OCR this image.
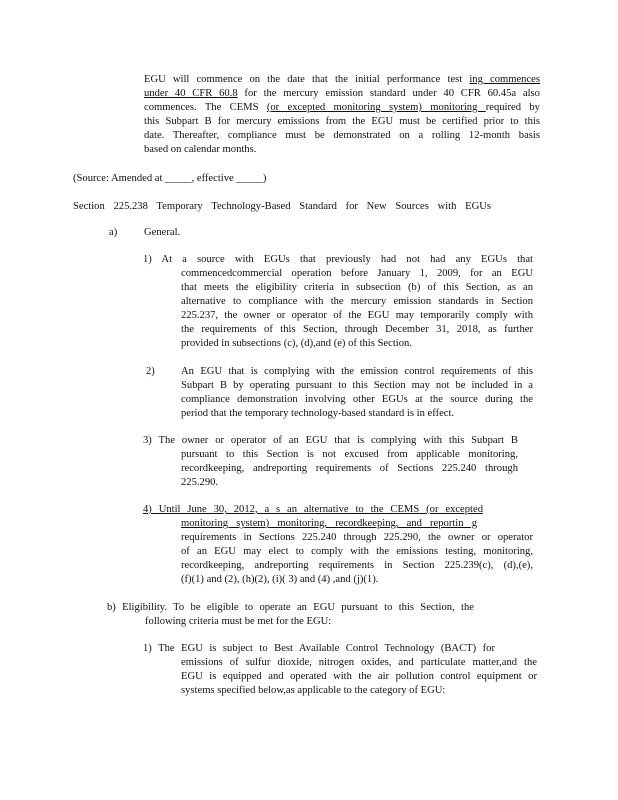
EGU will commence on the date that the initial performance test ing commences
under 40 CFR 60.8 for the mercury emission standard under 40 CFR 60.45a also
commences. The CEMS (or excepted monitoring system) monitoring required by
this Subpart B for mercury emissions from the EGU must be certified prior to this
date. Thereafter, compliance must be demonstrated on a rolling 12-month basis
based on calendar months.
(Source: Amended at _____, effective _____)
Section 225.238 Temporary Technology-Based Standard for New Sources with EGUs
a)	General.
1) At a source with EGUs that previously had not had any EGUs that
commencedcommercial operation before January 1, 2009, for an EGU
that meets the eligibility criteria in subsection (b) of this Section, as an
alternative to compliance with the mercury emission standards in Section
225.237, the owner or operator of the EGU may temporarily comply with
the requirements of this Section, through December 31, 2018, as further
provided in subsections (c), (d),and (e) of this Section.
2) An EGU that is complying with the emission control requirements of this
Subpart B by operating pursuant to this Section may not be included in a
compliance demonstration involving other EGUs at the source during the
period that the temporary technology-based standard is in effect.
3) The owner or operator of an EGU that is complying with this Subpart B
pursuant to this Section is not excused from applicable monitoring,
recordkeeping, andreporting requirements of Sections 225.240 through
225.290.
4) Until June 30, 2012, a s an alternative to the CEMS (or excepted
monitoring system) monitoring, recordkeeping, and reportin g
requirements in Sections 225.240 through 225.290, the owner or operator
of an EGU may elect to comply with the emissions testing, monitoring,
recordkeeping, andreporting requirements in Section 225.239(c), (d),(e),
(f)(1) and (2), (h)(2), (i)( 3) and (4) ,and (j)(1).
b) Eligibility. To be eligible to operate an EGU pursuant to this Section, the
following criteria must be met for the EGU:
1) The EGU is subject to Best Available Control Technology (BACT) for
emissions of sulfur dioxide, nitrogen oxides, and particulate matter,and the
EGU is equipped and operated with the air pollution control equipment or
systems specified below,as applicable to the category of EGU:
